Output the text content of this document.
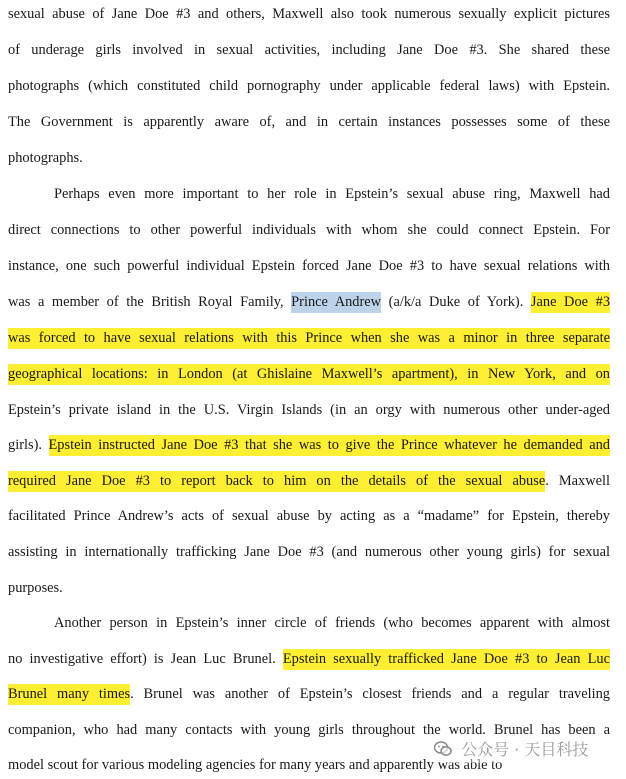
sexual abuse of Jane Doe #3 and others, Maxwell also took numerous sexually explicit pictures
of underage girls involved in sexual activities, including Jane Doe #3. She shared these
photographs (which constituted child pornography under applicable federal laws) with Epstein.
The Government is apparently aware of, and in certain instances possesses some of these
photographs.
Perhaps even more important to her role in Epstein’s sexual abuse ring, Maxwell had
direct connections to other powerful individuals with whom she could connect Epstein. For
instance, one such powerful individual Epstein forced Jane Doe #3 to have sexual relations with
was a member of the British Royal Family, Prince Andrew (a/k/a Duke of York). Jane Doe #3
was forced to have sexual relations with this Prince when she was a minor in three separate
geographical locations: in London (at Ghislaine Maxwell’s apartment), in New York, and on
Epstein’s private island in the U.S. Virgin Islands (in an orgy with numerous other under-aged
girls). Epstein instructed Jane Doe #3 that she was to give the Prince whatever he demanded and
required Jane Doe #3 to report back to him on the details of the sexual abuse. Maxwell
facilitated Prince Andrew’s acts of sexual abuse by acting as a “madame” for Epstein, thereby
assisting in internationally trafficking Jane Doe #3 (and numerous other young girls) for sexual
purposes.
Another person in Epstein’s inner circle of friends (who becomes apparent with almost
no investigative effort) is Jean Luc Brunel. Epstein sexually trafficked Jane Doe #3 to Jean Luc
Brunel many times. Brunel was another of Epstein’s closest friends and a regular traveling
companion, who had many contacts with young girls throughout the world. Brunel has been a
model scout for various modeling agencies for many years and apparently was able to
公众号 · 天目科技
